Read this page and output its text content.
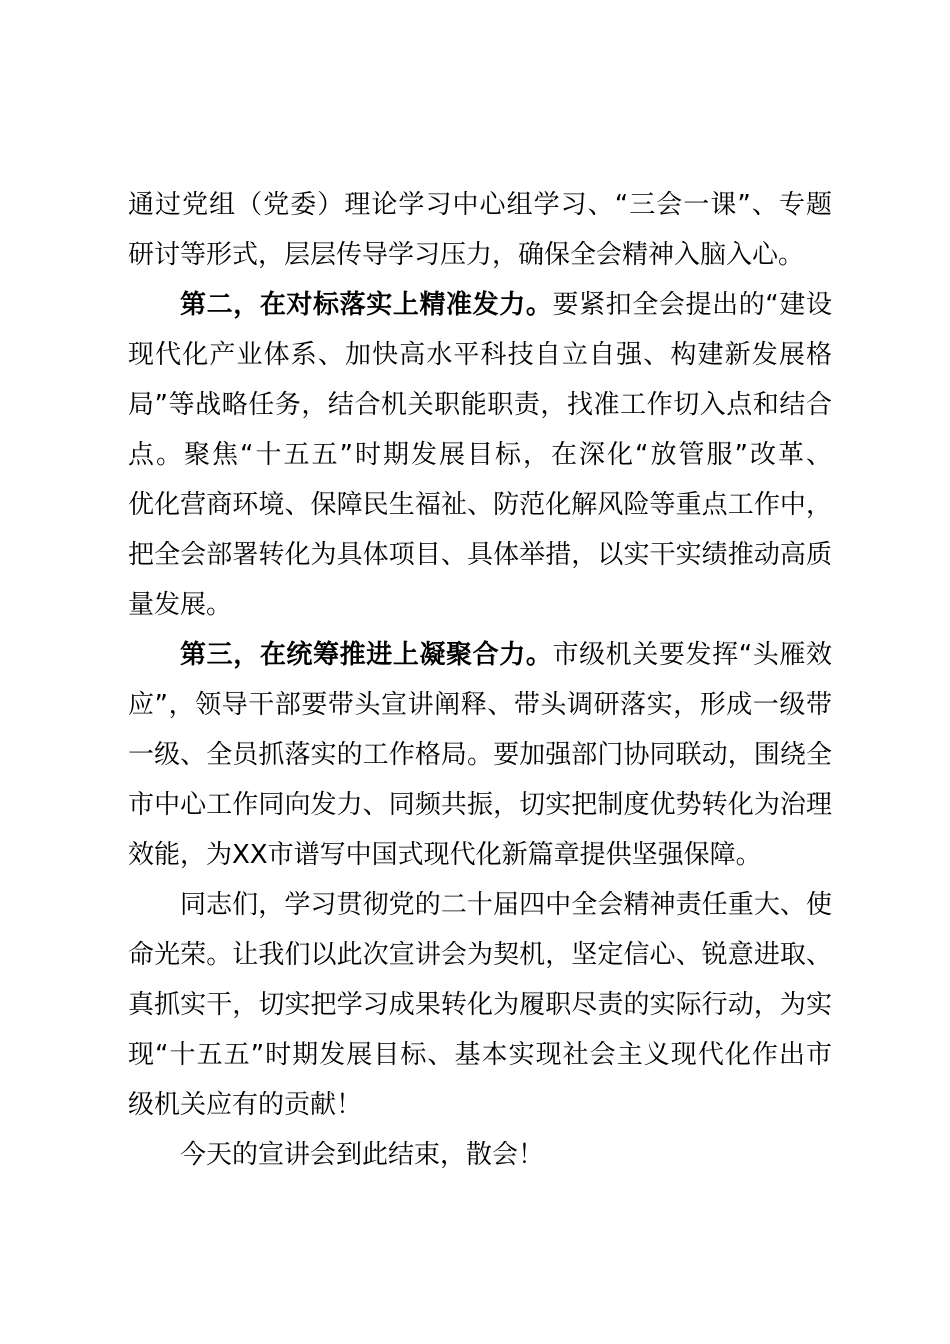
通过党组（党委）理论学习中心组学习、“三会一课”、专题
研讨等形式，层层传导学习压力，确保全会精神入脑入心。
第二，在对标落实上精准发力。要紧扣全会提出的“建设
现代化产业体系、加快高水平科技自立自强、构建新发展格
局”等战略任务，结合机关职能职责，找准工作切入点和结合
点。聚焦“十五五”时期发展目标，在深化“放管服”改革、
优化营商环境、保障民生福祉、防范化解风险等重点工作中，
把全会部署转化为具体项目、具体举措，以实干实绩推动高质
量发展。
第三，在统筹推进上凝聚合力。市级机关要发挥“头雁效
应”，领导干部要带头宣讲阐释、带头调研落实，形成一级带
一级、全员抓落实的工作格局。要加强部门协同联动，围绕全
市中心工作同向发力、同频共振，切实把制度优势转化为治理
效能，为XX市谱写中国式现代化新篇章提供坚强保障。
同志们，学习贯彻党的二十届四中全会精神责任重大、使
命光荣。让我们以此次宣讲会为契机，坚定信心、锐意进取、
真抓实干，切实把学习成果转化为履职尽责的实际行动，为实
现“十五五”时期发展目标、基本实现社会主义现代化作出市
级机关应有的贡献！
今天的宣讲会到此结束，散会！
